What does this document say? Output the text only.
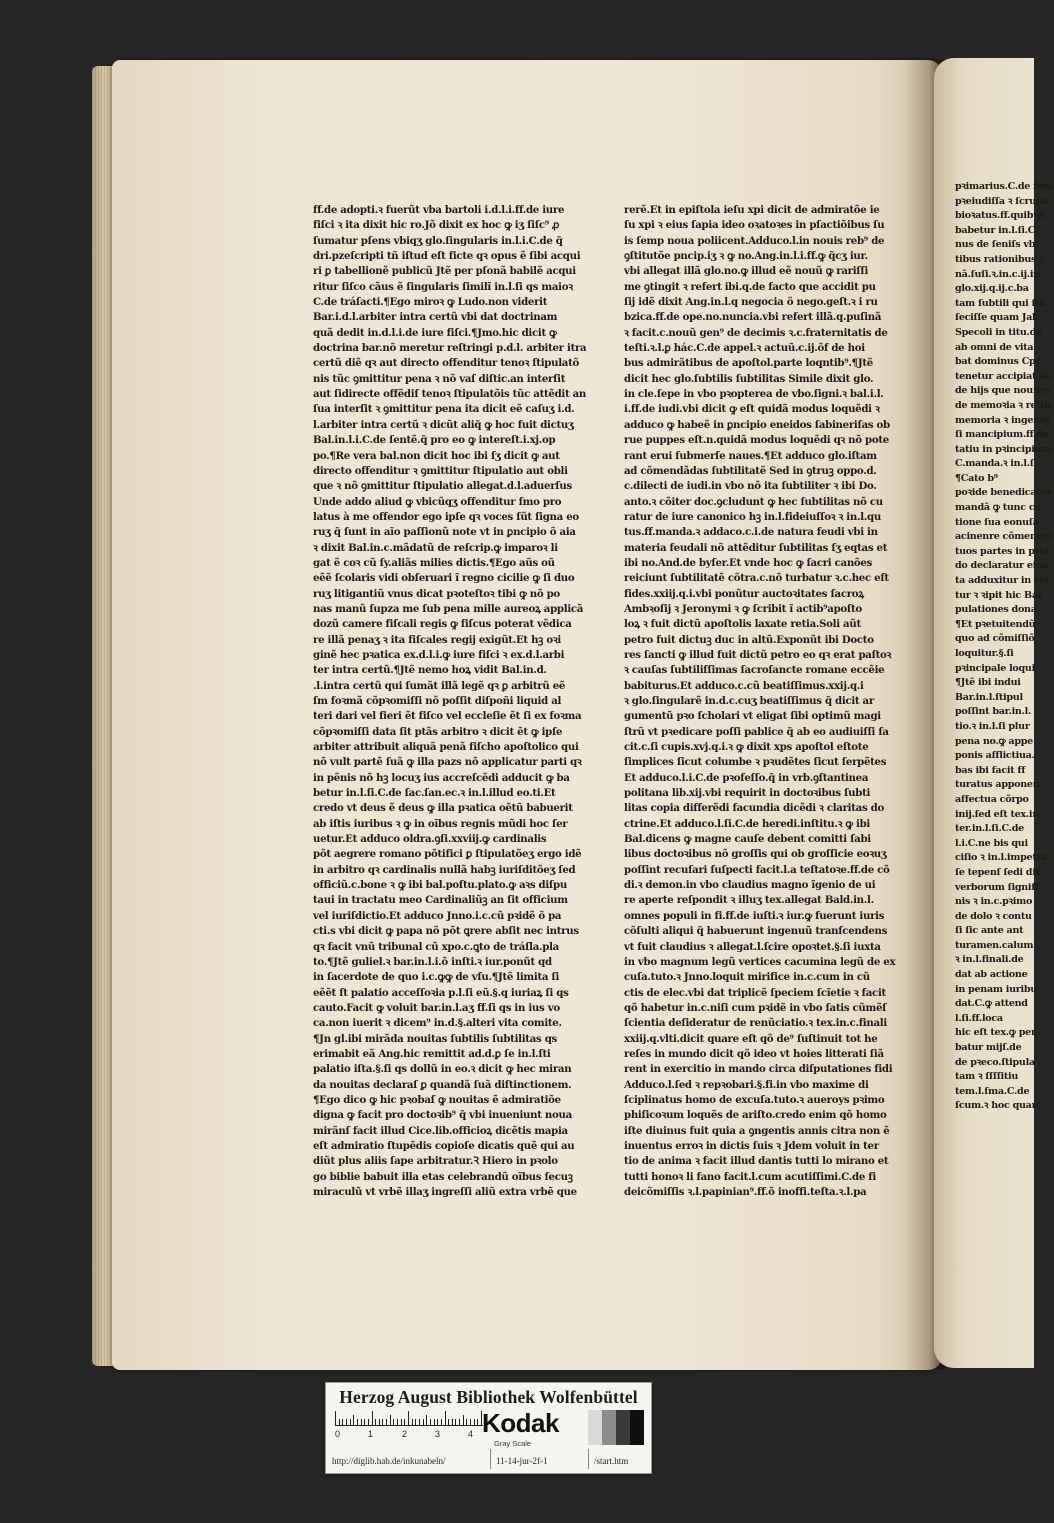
ff.de adopti.ꝛ fuerũt vba bartoli i.d.l.i.ff.de iure
fiſci ꝛ ita dixit hic ro.Jõ dixit ex hoc ꝙ iʒ ſiſc⁹ ꝓ
ſumatur pſens vbiqʒ glo.ſingularis in.l.i.C.de q̃
dri.pzeſcripti tñ iſtud eſt ficte qꝛ opus ẽ ſibi acqui
ri ꝑ tabellionẽ publicũ Jtẽ per pſonã babilẽ acqui
ritur ſiſco cãus ẽ ſingularis ſimilĩ in.l.ſi qs maioꝛ
C.de tráſacti.¶Ego miroꝛ ꝙ Ludo.non viderit
Bar.i.d.l.arbiter intra certũ vbi dat doctrinam
quã dedit in.d.l.i.de iure fiſci.¶Jmo.hic dicit ꝙ
doctrina bar.nõ meretur reſtringi p.d.l. arbiter itra
certũ diẽ qꝛ aut directo offenditur tenoꝛ ſtipulatõ
nis tũc ꝯmittitur pena ꝛ nõ vaſ diſtic.an interſit
aut ſidirecte offẽdiſ tenoꝛ ſtipulatõis tũc attẽdit an
ſua interſit ꝛ ꝯmittitur pena ita dicit eẽ caſuʒ i.d.
l.arbiter intra certũ ꝛ dicũt aliq̃ ꝙ hoc fuit dictuʒ
Bal.in.l.i.C.de ſentẽ.q̃ pro eo ꝙ intereſt.i.xj.op
po.¶Re vera bal.non dicit hoc ibi ſʒ dicit ꝙ aut
directo offenditur ꝛ ꝯmittitur ſtipulatio aut obli
que ꝛ nõ ꝯmittitur ſtipulatio allegat.d.l.aduerſus
Unde addo aliud ꝙ vbicũqʒ offenditur ſmo pro
latus à me offendor ego ipſe qꝛ voces ſũt ſigna eo
ruʒ q̃ ſunt in aĩo paſſionũ note vt in ꝑncipio õ aia
ꝛ dixit Bal.in.c.mãdatũ de reſcrip.ꝙ imparoꝛ li
gat ẽ coꝛ cũ ſy.aliãs milies dictis.¶Ego aũs oũ
eẽẽ ſcolaris vidi obſeruari ĩ regno cicilie ꝙ ſi duo
ruʒ litigantiũ vnus dicat pꝛoteſtoꝛ tibi ꝙ nõ po
nas manũ ſupza me ſub pena mille aureoꝝ applicã
dozũ camere fiſcali regis ꝙ fiſcus poterat vẽdica
re illã penaʒ ꝛ ita fiſcales regij exigũt.Et hꝫ oꝛi
ginẽ hec pꝛatica ex.d.l.i.ꝙ iure fiſci ꝛ ex.d.l.arbi
ter intra certũ.¶Jtẽ nemo hoꝝ vidit Bal.in.d.
.l.intra certũ qui ſumãt illã legẽ qꝛ ꝑ arbitrũ eẽ
ſm foꝛmã cõpꝛomiſſi nõ poſſit diſpoñi liquid al
teri dari vel fieri ẽt fiſco vel eccleſie ẽt ſi ex foꝛma
cõpꝛomiſſi data ſit ptãs arbitro ꝛ dicit ẽt ꝙ ipſe
arbiter attribuit aliquã penã fiſcho apoſtolico qui
nõ vult partẽ ſuã ꝙ illa pazs nõ applicatur parti qꝛ
in pẽnis nõ hꝫ locuʒ ius accreſcẽdi adducit ꝙ ba
betur in.l.ſi.C.de ſac.ſan.ec.ꝛ in.l.illud eo.ti.Et
credo vt deus ẽ deus ꝙ illa pꝛatica oẽtũ babuerit
ab iſtis iuribus ꝛ ꝙ in oĩbus regnis mũdi hoc ſer
uetur.Et adduco oldra.ꝯſi.xxviij.ꝙ cardinalis
põt aegrere romano põtifici ꝑ ſtipulatõeʒ ergo idẽ
in arbitro qꝛ cardinalis nullã habꝫ iuriſditõeʒ ſed
officiũ.c.bone ꝛ ꝙ ibi bal.poſtu.plato.ꝙ aꝛs diſpu
taui in tractatu meo Cardinaliũꝫ an ſit officium
vel iuriſdictio.Et adduco Jnno.i.c.cũ pꝛidẽ õ pa
cti.s vbi dicit ꝙ papa nõ põt ꝗrere abſit nec intrus
qꝛ facit vnũ tribunal cũ xpo.c.ꝗto de tráſla.pla
to.¶Jtẽ guliel.ꝛ bar.in.l.i.õ inſti.ꝛ iur.ponũt qd
in ſacerdote de quo i.c.ꝙꝙ de vſu.¶Jtẽ limita ſi
eẽẽt ſt palatio acceſſoꝛia p.l.ſi eũ.§.q iuriaꝝ ſi qs
cauto.Facit ꝙ voluit bar.in.l.aʒ ff.ſi qs in ius vo
ca.non iuerit ꝛ dicem⁹ in.d.§.alteri vita comite.
¶Jn gl.ibi mirãda nouitas ſubtilis ſubtilitas qs
erimabit eã Ang.hic remittit ad.d.ꝑ ſe in.l.ſti
palatio iſta.§.ſi qs dollũ in eo.ꝛ dicit ꝙ hec miran
da nouitas declaraſ ꝑ quandã ſuã diſtinctionem.
¶Ego dico ꝙ hic pꝛobaſ ꝙ nouitas ẽ admiratiõe
digna ꝙ facit pro doctoꝛib⁹ q̃ vbi inueniunt noua
mirãnſ facit illud Cice.lib.officioꝝ dicẽtis mapia
eſt admiratio ſtupẽdis copioſe dicatis quẽ qui au
diũt plus aliis ſape arbitratur.Ꝛ Hiero in pꝛolo
go biblie babuit illa etas celebrandũ oĩbus ſecuꝫ
miraculũ vt vrbẽ illaʒ ingreſſi aliũ extra vrbẽ que
rerẽ.Et in epiſtola ieſu xpi dicit de admiratõe ie
ſu xpi ꝛ eius ſapia ideo oꝛatoꝛes in pſactiõibus ſu
is ſemp noua poliicent.Adduco.l.in nouis reb⁹ de
ꝯſtitutõe pncip.iʒ ꝛ ꝙ no.Ang.in.l.i.ff.ꝙ q̃cʒ iur.
vbi allegat illã glo.no.ꝙ illud eẽ nouũ ꝙ rariſſi
me ꝯtingit ꝛ refert ibi.q.de facto que accidit pu
ſij idẽ dixit Ang.in.l.q negocia õ nego.geſt.ꝛ i ru
bzica.ff.de ope.no.nuncia.vbi refert illã.q.puſinã
ꝛ facit.c.nouũ gen⁹ de decimis ꝛ.c.fraternitatis de
teſti.ꝛ.l.ꝑ hác.C.de appel.ꝛ actuũ.c.ij.õf de hoi
bus admirãtibus de apoſtol.parte loqntib⁹.¶Jtẽ
dicit hec glo.ſubtilis ſubtilitas Simile dixit glo.
in cle.ſepe in vbo pꝛopterea de vbo.ſigni.ꝛ bal.i.l.
i.ff.de iudi.vbi dicit ꝙ eſt quidã modus loquẽdi ꝛ
adduco ꝙ habeẽ in ꝑncipio eneidos ſabineriſas ob
rue puppes eſt.n.quidã modus loquẽdi qꝛ nõ pote
rant erui ſubmerſe naues.¶Et adduco glo.iſtam
ad cõmendãdas ſubtilitatẽ Sed in ꝯtruꝫ oppo.d.
c.dilecti de iudi.in vbo nõ ita ſubtiliter ꝛ ibi Do.
anto.ꝛ cõiter doc.ꝯcludunt ꝙ hec ſubtilitas nõ cu
ratur de iure canonico hꝫ in.l.fideiuſſoꝛ ꝛ in.l.qu
tus.ff.manda.ꝛ addaco.c.i.de natura feudi vbi in
materia feudali nõ attẽditur ſubtilitas ſʒ eqtas et
ibi no.And.de byſer.Et vnde hoc ꝙ ſacri canões
reiciunt ſubtilitatẽ cõtra.c.nõ turbatur ꝛ.c.hec eſt
fides.xxiij.q.i.vbi ponũtur auctoꝛitates ſacroꝝ
Ambꝛoſij ꝛ Jeronymi ꝛ ꝙ ſcribit ĩ actib⁹apoſto
loꝝ ꝛ fuit dictũ apoſtolis laxate retia.Soli aũt
petro fuit dictuꝫ duc in altũ.Exponũt ibi Docto
res ſancti ꝙ illud fuit dictũ petro eo qꝛ erat paſtoꝛ
ꝛ cauſas ſubtiliſſimas ſacroſancte romane eccẽie
babiturus.Et adduco.c.cũ beatiſſimus.xxij.q.i
ꝛ glo.ſingularẽ in.d.c.cuʒ beatiſſimus q̃ dicit ar
gumentũ pꝛo ſcholari vt eligat ſibi optimũ magi
ſtrũ vt pꝛedicare poſſi pablice q̃ ab eo audiuiſſi ſa
cit.c.ſi cupis.xvj.q.i.ꝛ ꝙ dixit xps apoſtol eſtote
ſimplices ſicut columbe ꝛ pꝛudẽtes ſicut ſerpẽtes
Et adduco.l.i.C.de pꝛofeſſo.q̃ in vrb.ꝯſtantinea
politana lib.xij.vbi requirit in doctoꝛibus ſubti
litas copia differẽdi facundia dicẽdi ꝛ claritas do
ctrine.Et adduco.l.ſi.C.de heredi.inſtitu.ꝛ ꝙ ibi
Bal.dicens ꝙ magne cauſe debent comitti ſabi
libus doctoꝛibus nõ groſſis qui ob groſſicie eoꝛuʒ
poſſint recuſari ſuſpecti facit.l.a teſtatoꝛe.ff.de cõ
di.ꝛ demon.in vbo claudius magno ĩgenio de ui
re aperte reſpondit ꝛ illuʒ tex.allegat Bald.in.l.
omnes populi in fi.ff.de iuſti.ꝛ iur.ꝙ fuerunt iuris
cõſulti aliqui q̃ habuerunt ingenuũ tranſcendens
vt fuit claudius ꝛ allegat.l.ſcire opoꝛtet.§.ſi iuxta
in vbo magnum legũ vertices cacumina legũ de ex
cuſa.tuto.ꝛ Jnno.loquit mirifice in.c.cum in cũ
ctis de elec.vbi dat triplicẽ ſpeciem ſcĩetie ꝛ facit
qõ habetur in.c.niſi cum pꝛidẽ in vbo ſatis cũmẽſ
ſcientia deſideratur de renũciatio.ꝛ tex.in.c.finali
xxiij.q.vlti.dicit quare eſt qõ de⁹ ſuſtinuit tot he
reſes in mundo dicit qõ ideo vt hoies litterati ſiã
rent in exercitio in mando circa diſputationes fidi
Adduco.l.ſed ꝛ repꝛobari.§.fi.in vbo maxime di
ſciplinatus homo de excuſa.tuto.ꝛ aueroys pꝛimo
phiſicoꝛum loquẽs de ariſto.credo enim qõ homo
iſte diuinus fuit quia a ꝯngentis annis citra non ẽ
inuentus erroꝛ in dictis ſuis ꝛ Jdem voluit in ter
tio de anima ꝛ facit illud dantis tutti lo mirano et
tutti honoꝛ li fano facit.l.cum acutiſſimi.C.de fi
deicõmiſſis ꝛ.l.papinian⁹.ff.õ inoffi.teſta.ꝛ.l.pa
pꝛimarius.C.de ſent
pꝛeiudiſſa ꝛ ſcrupu
bioꝛatus.ff.quibus
babetur in.l.ſi.C.
nus de ſeniſs vbi
tibus rationibus ꝛ
nã.ſuſi.ꝛ.in.c.ij.in
glo.xij.q.ij.c.ba
tam ſubtili qui ſin
ſeciſſe quam Jab
Specoli in titu.de
ab omni de vita
bat dominus Cpr
tenetur accipiat de
de hijs que nouiter
de memoꝛia ꝛ retin
memoria ꝛ ingenio
ſi mancipium.ff.do
tatiu in pꝛincipium
C.manda.ꝛ in.l.ſ
¶Cato b⁹
poꝛide benedicatur
mandã ꝙ tunc cõ
tione ſua eonuſa
acinenre cõmentur
tuos partes in pꝛin
do declaratur eius
ta adduxitur in vbi
tur ꝛ ꝛipit hic Bal
pulationes dona
¶Et pꝛetuitendũ
quo ad cõmiſſiõ
loquitur.§.ſi
pꝛincipale loqui
¶Jtẽ ibi indui
Bar.in.l.ſtipul
poſſint bar.in.l.
tio.ꝛ in.l.ſi plur
pena no.ꝙ appe
ponis afflictiua.
bas ibi facit ff
turatus apponen
affectua cõrpo
inij.ſed eſt tex.in.
ter.in.l.ſi.C.de
l.i.C.ne bis qui
ciſio ꝛ in.l.impetra
ſe tepenſ ſedi dit
verborum ſignifi
nis ꝛ in.c.pꝛimo
de dolo ꝛ contu
ſi ſic ante ant
turamen.calum
ꝛ in.l.finali.de
dat ab actione
in penam iuribu
dat.C.ꝙ attend
l.ſi.ff.loca
hic eſt tex.ꝙ pen
batur mijſ.de
de pꝛeco.ſtipula
tam ꝛ ſſſſitiu
tem.l.ſma.C.de
ſcum.ꝛ hoc quan
Herzog August Bibliothek Wolfenbüttel
0	1	2	3	4 Kodak
Gray Scale
http://diglib.hab.de/inkunabeln/	11-14-jur-2f-1	/start.htm
